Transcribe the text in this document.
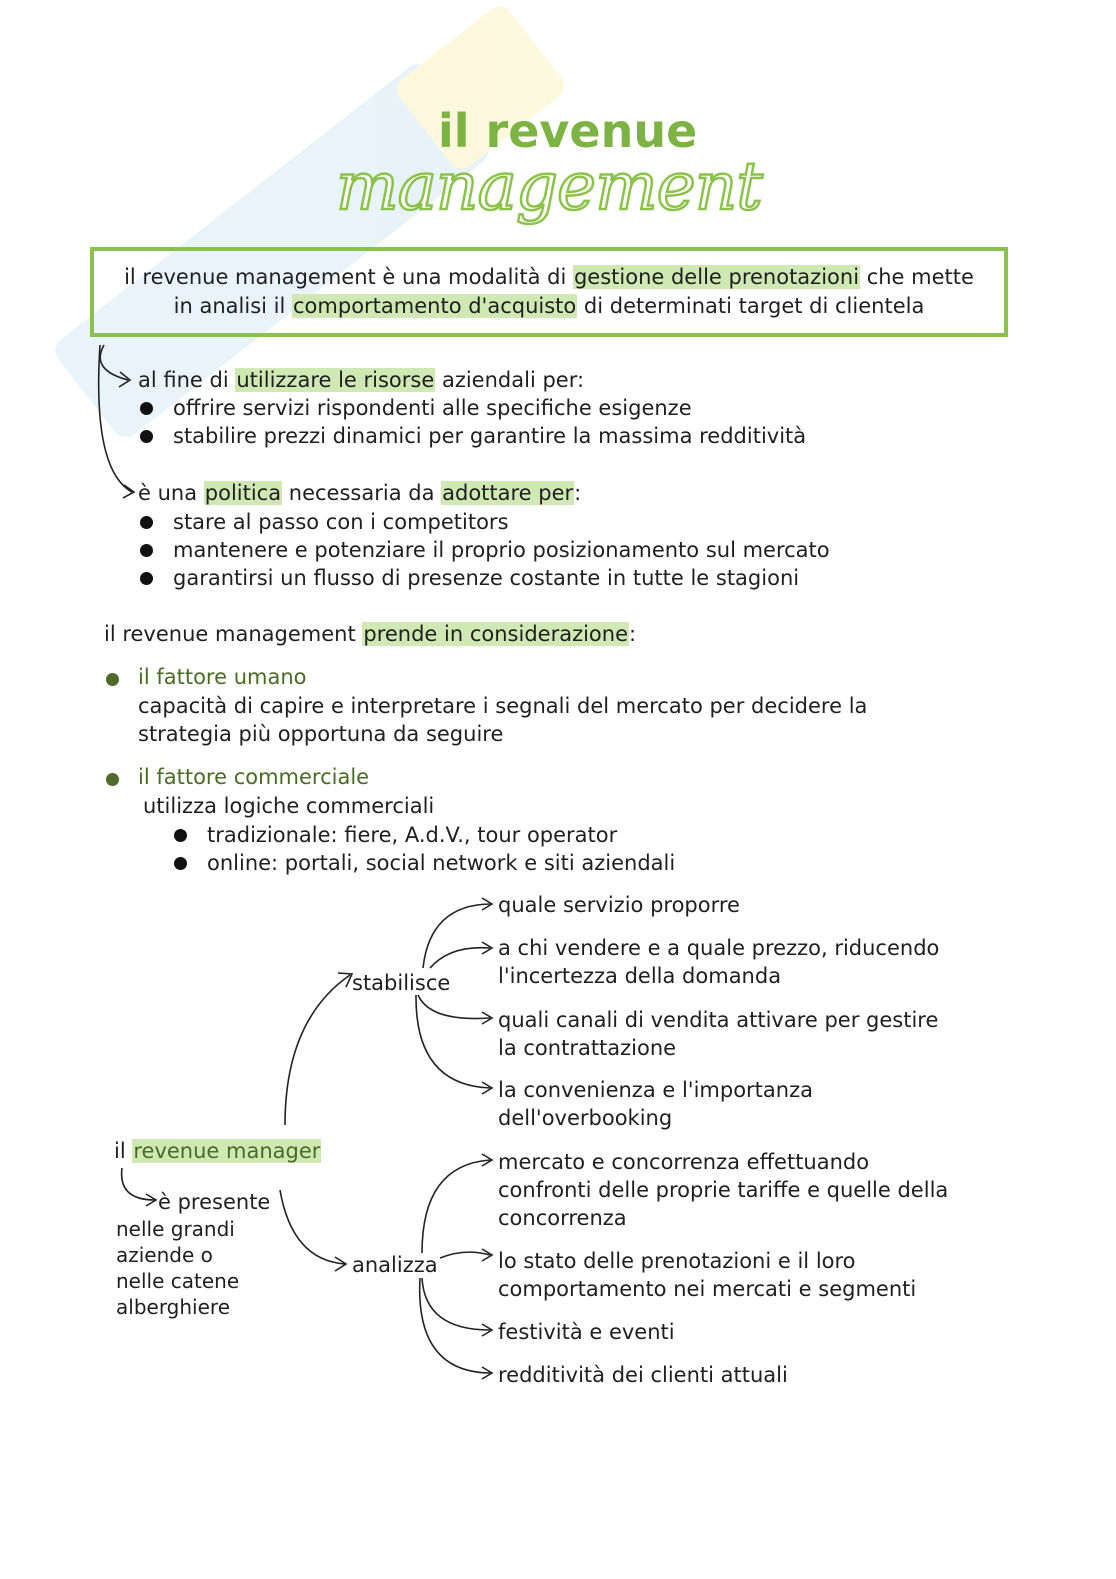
il revenue
management
il revenue management è una modalità di gestione delle prenotazioni che mette
in analisi il comportamento d'acquisto di determinati target di clientela
al fine di utilizzare le risorse aziendali per:
offrire servizi rispondenti alle specifiche esigenze
stabilire prezzi dinamici per garantire la massima redditività
è una politica necessaria da adottare per:
stare al passo con i competitors
mantenere e potenziare il proprio posizionamento sul mercato
garantirsi un flusso di presenze costante in tutte le stagioni
il revenue management prende in considerazione:
il fattore umano
capacità di capire e interpretare i segnali del mercato per decidere la
strategia più opportuna da seguire
il fattore commerciale
utilizza logiche commerciali
tradizionale: fiere, A.d.V., tour operator
online: portali, social network e siti aziendali
il revenue manager
è presente
nelle grandi
aziende o
nelle catene
alberghiere
stabilisce
analizza
quale servizio proporre
a chi vendere e a quale prezzo, riducendo
l'incertezza della domanda
quali canali di vendita attivare per gestire
la contrattazione
la convenienza e l'importanza
dell'overbooking
mercato e concorrenza effettuando
confronti delle proprie tariffe e quelle della
concorrenza
lo stato delle prenotazioni e il loro
comportamento nei mercati e segmenti
festività e eventi
redditività dei clienti attuali
